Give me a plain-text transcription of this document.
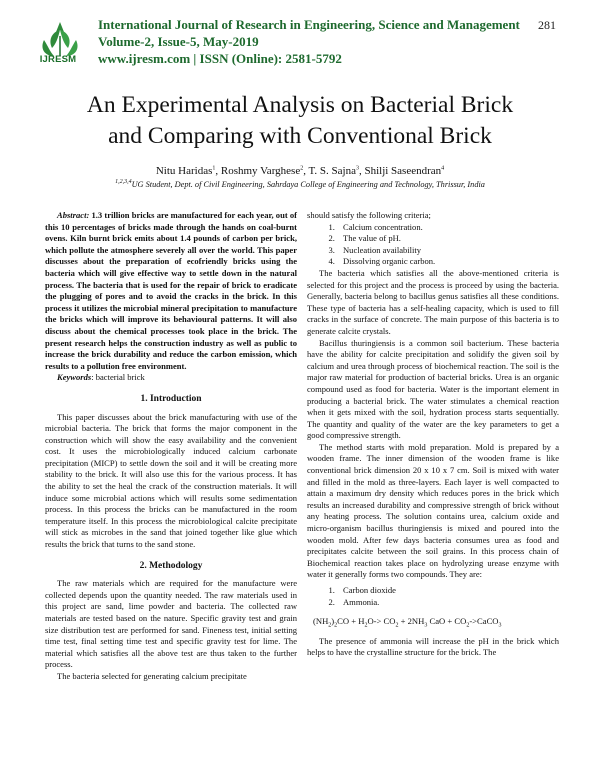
IJRESM
International Journal of Research in Engineering, Science and Management
Volume-2, Issue-5, May-2019
www.ijresm.com | ISSN (Online): 2581-5792
281
An Experimental Analysis on Bacterial Brick
and Comparing with Conventional Brick
Nitu Haridas$^1$, Roshmy Varghese$^2$, T. S. Sajna$^3$, Shilji Saseendran$^4$
$^{1,2,3,4}$UG Student, Dept. of Civil Engineering, Sahrdaya College of Engineering and Technology, Thrissur, India

Abstract: 1.3 trillion bricks are manufactured for each year, out of this 10 percentages of bricks made through the hands on coal-burnt ovens. Kiln burnt brick emits about 1.4 pounds of carbon per brick, which pollute the atmosphere severely all over the world. This paper discusses about the preparation of ecofriendly bricks using the bacteria which will give effective way to settle down in the natural process. The bacteria that is used for the repair of brick to eradicate the plugging of pores and to avoid the cracks in the brick. In this process it utilizes the microbial mineral precipitation to manufacture the bricks which will improve its behavioural patterns. It will also discuss about the chemical processes took place in the brick. The present research helps the construction industry as well as public to increase the brick durability and reduce the carbon emission, which results to a pollution free environment.

Keywords: bacterial brick

1. Introduction

This paper discusses about the brick manufacturing with use of the microbial bacteria. The brick that forms the major component in the construction which will show the easy availability and the convenient cost. It uses the microbiologically induced calcium carbonate precipitation (MICP) to settle down the soil and it will be creating more stability to the brick. It will also use this for the various process. It has the ability to set the heal the crack of the construction materials. It will induce some microbial actions which will results some sedimentation process. In this process the bricks can be manufactured in the room temperature itself. In this process the microbiological calcite precipitate will stick as microbes in the sand that joined together like glue which results the brick that turns to the sand stone.

2. Methodology

The raw materials which are required for the manufacture were collected depends upon the quantity needed. The raw materials used in this project are sand, lime powder and bacteria. The collected raw materials are tested based on the nature. Specific gravity test and grain size distribution test are performed for sand. Fineness test, initial setting time test, final setting time test and specific gravity test for lime. The material which satisfies all the above test are thus taken to the further process.

The bacteria selected for generating calcium precipitate

should satisfy the following criteria;

1. Calcium concentration.
2. The value of pH.
3. Nucleation availability
4. Dissolving organic carbon.

The bacteria which satisfies all the above-mentioned criteria is selected for this project and the process is proceed by using the bacteria. Generally, bacteria belong to bacillus genus satisfies all these conditions. These type of bacteria has a self-healing capacity, which is used to fill cracks in the surface of concrete. The main purpose of this bacteria is to generate calcite crystals.

Bacillus thuringiensis is a common soil bacterium. These bacteria have the ability for calcite precipitation and solidify the given soil by calcium and urea through process of biochemical reaction. The soil is the major raw material for production of bacterial bricks. Urea is an organic compound used as food for bacteria. Water is the important element in producing a bacterial brick. The water stimulates a chemical reaction when it gets mixed with the soil, hydration process starts sequentially. The quantity and quality of the water are the key parameters to get a good compressive strength.

The method starts with mold preparation. Mold is prepared by a wooden frame. The inner dimension of the wooden frame is like conventional brick dimension 20 x 10 x 7 cm. Soil is mixed with water and filled in the mold as three-layers. Each layer is well compacted to attain a maximum dry density which reduces pores in the brick which results an increased durability and compressive strength of brick without any heating process. The solution contains urea, calcium oxide and micro-organism bacillus thuringiensis is mixed and poured into the wooden mold. After few days bacteria consumes urea as food and precipitates calcite between the soil grains. In this process chain of Biochemical reaction takes place on hydrolyzing urease enzyme with water it generally forms two compounds. They are:

1. Carbon dioxide
2. Ammonia.
$(NH_2)_2CO + H_2O-> CO_2 + 2NH_3$ CaO + $CO_2->CaCO_3$

The presence of ammonia will increase the pH in the brick which helps to have the crystalline structure for the brick. The
